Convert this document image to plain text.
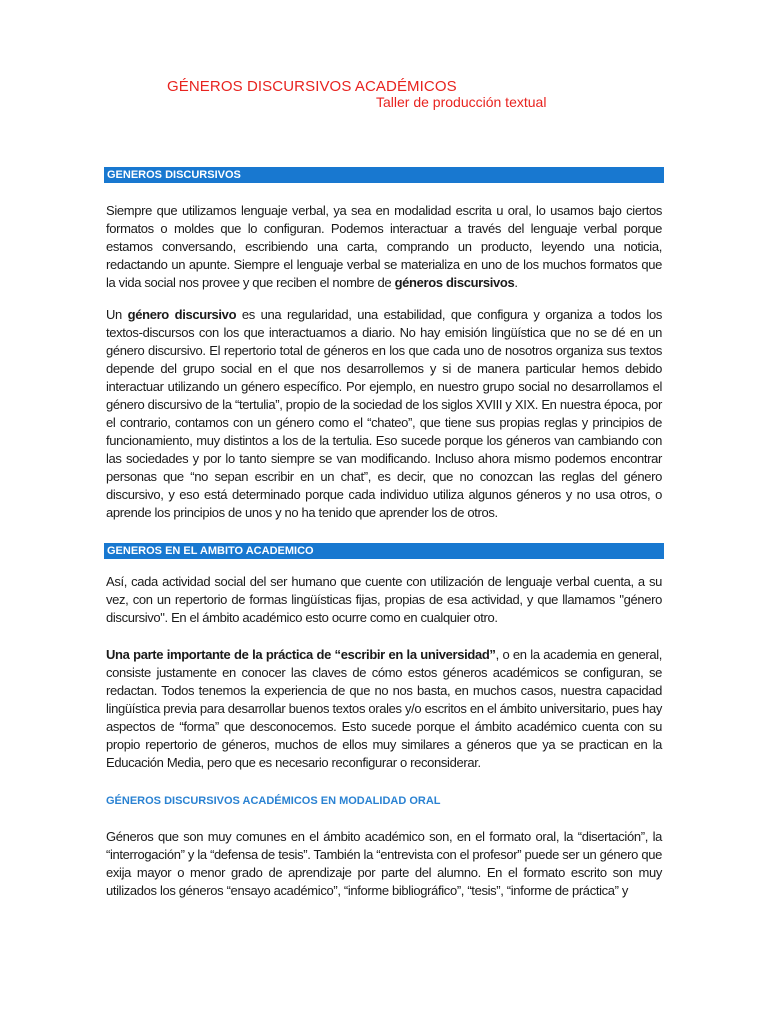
GÉNEROS DISCURSIVOS ACADÉMICOS
Taller de producción textual
GENEROS DISCURSIVOS

Siempre que utilizamos lenguaje verbal, ya sea en modalidad escrita u oral, lo usamos bajo ciertos formatos o moldes que lo configuran. Podemos interactuar a través del lenguaje verbal porque estamos conversando, escribiendo una carta, comprando un producto, leyendo una noticia, redactando un apunte. Siempre el lenguaje verbal se materializa en uno de los muchos formatos que la vida social nos provee y que reciben el nombre de géneros discursivos.

Un género discursivo es una regularidad, una estabilidad, que configura y organiza a todos los textos-discursos con los que interactuamos a diario. No hay emisión lingüística que no se dé en un género discursivo. El repertorio total de géneros en los que cada uno de nosotros organiza sus textos depende del grupo social en el que nos desarrollemos y si de manera particular hemos debido interactuar utilizando un género específico. Por ejemplo, en nuestro grupo social no desarrollamos el género discursivo de la “tertulia”, propio de la sociedad de los siglos XVIII y XIX. En nuestra época, por el contrario, contamos con un género como el “chateo”, que tiene sus propias reglas y principios de funcionamiento, muy distintos a los de la tertulia. Eso sucede porque los géneros van cambiando con las sociedades y por lo tanto siempre se van modificando. Incluso ahora mismo podemos encontrar personas que “no sepan escribir en un chat”, es decir, que no conozcan las reglas del género discursivo, y eso está determinado porque cada individuo utiliza algunos géneros y no usa otros, o aprende los principios de unos y no ha tenido que aprender los de otros.

GENEROS EN EL AMBITO ACADEMICO

Así, cada actividad social del ser humano que cuente con utilización de lenguaje verbal cuenta, a su vez, con un repertorio de formas lingüísticas fijas, propias de esa actividad, y que llamamos "género discursivo". En el ámbito académico esto ocurre como en cualquier otro.

Una parte importante de la práctica de “escribir en la universidad”, o en la academia en general, consiste justamente en conocer las claves de cómo estos géneros académicos se configuran, se redactan. Todos tenemos la experiencia de que no nos basta, en muchos casos, nuestra capacidad lingüística previa para desarrollar buenos textos orales y/o escritos en el ámbito universitario, pues hay aspectos de “forma” que desconocemos. Esto sucede porque el ámbito académico cuenta con su propio repertorio de géneros, muchos de ellos muy similares a géneros que ya se practican en la Educación Media, pero que es necesario reconfigurar o reconsiderar.

GÉNEROS DISCURSIVOS ACADÉMICOS EN MODALIDAD ORAL

Géneros que son muy comunes en el ámbito académico son, en el formato oral, la “disertación”, la “interrogación” y la “defensa de tesis”. También la “entrevista con el profesor” puede ser un género que exija mayor o menor grado de aprendizaje por parte del alumno. En el formato escrito son muy utilizados los géneros “ensayo académico”, “informe bibliográfico”, “tesis”, “informe de práctica” y
